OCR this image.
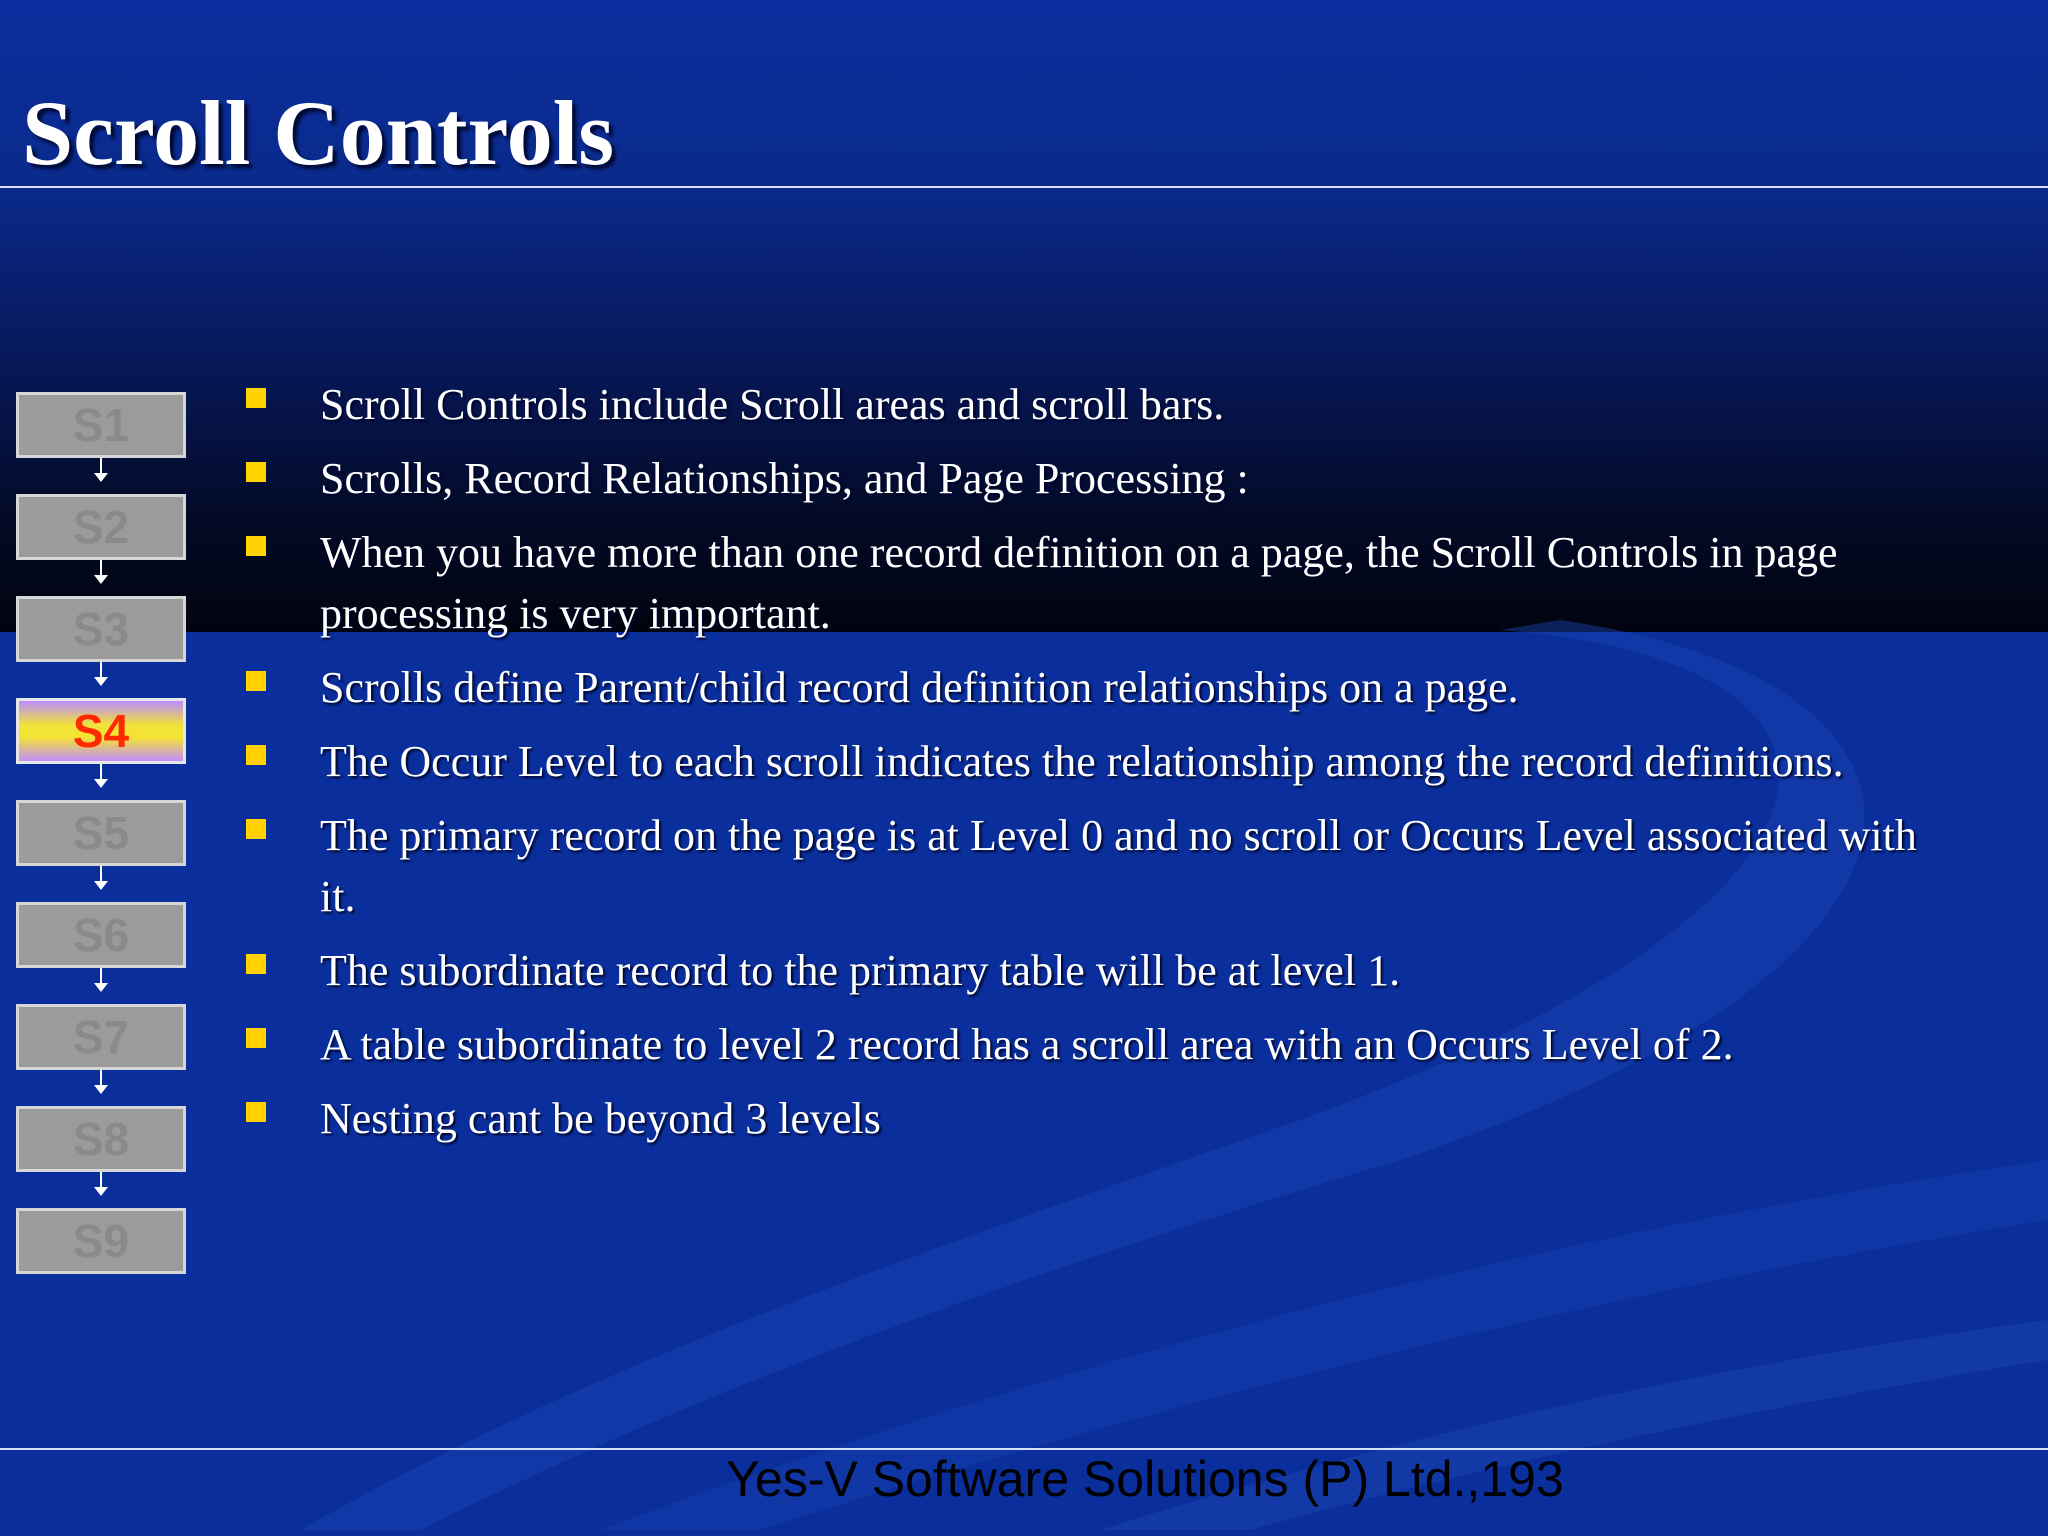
Scroll Controls
S1
S2
S3
S4
S5
S6
S7
S8
S9
Scroll Controls include Scroll areas and scroll bars.
Scrolls, Record Relationships, and Page Processing :
When you have more than one record definition on a page, the Scroll Controls in page processing is very important.
Scrolls define Parent/child record definition relationships on a page.
The Occur Level to each scroll indicates the relationship among the record definitions.
The primary record on the page is at Level 0 and no scroll or Occurs Level associated with it.
The subordinate record to the primary table will be at level 1.
A table subordinate to level 2 record has a scroll area with an Occurs Level of 2.
Nesting cant be beyond 3 levels
Yes-V Software Solutions (P) Ltd.,193
